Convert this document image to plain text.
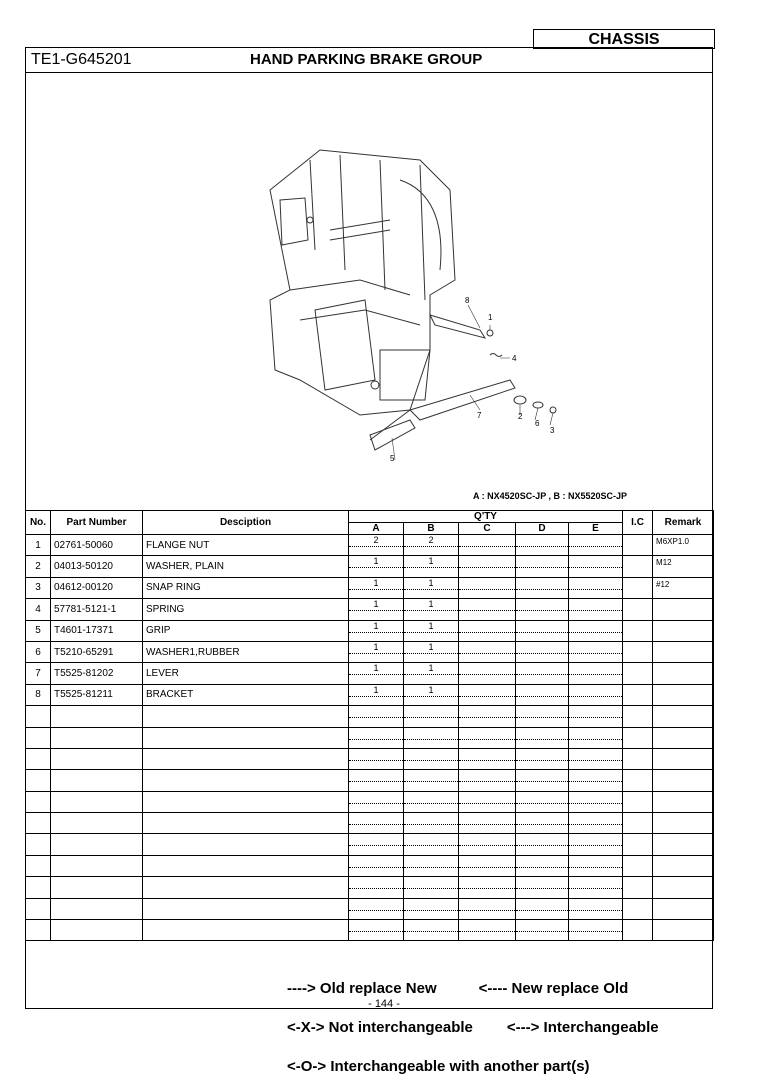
CHASSIS
TE1-G645201	HAND PARKING BRAKE GROUP
8
1
4
7	2
6
3
5
A : NX4520SC-JP , B : NX5520SC-JP
No.	Part Number	Desciption	Q'TY					I.C	Remark
			A	B	C	D	E		
1	02761-50060	FLANGE NUT	2	2					M6XP1.0
2	04013-50120	WASHER, PLAIN	1	1					M12
3	04612-00120	SNAP RING	1	1					#12
4	57781-5121-1	SPRING	1	1					
5	T4601-17371	GRIP	1	1					
6	T5210-65291	WASHER1,RUBBER	1	1					
7	T5525-81202	LEVER	1	1					
8	T5525-81211	BRACKET	1	1					

----> Old replace New	<---- New replace Old

<-X-> Not interchangeable <---> Interchangeable

<-O-> Interchangeable with another part(s)

- 144 -
